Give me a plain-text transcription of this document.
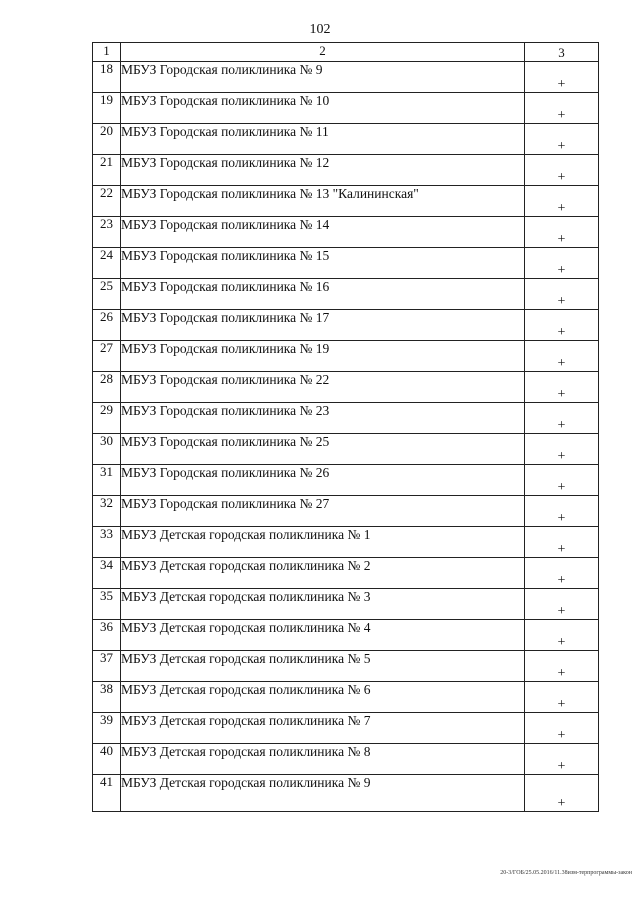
102
1	2	3
18	МБУЗ Городская поликлиника № 9	+
19	МБУЗ Городская поликлиника № 10	+
20	МБУЗ Городская поликлиника № 11	+
21	МБУЗ Городская поликлиника № 12	+
22	МБУЗ Городская поликлиника № 13 "Калининская"	+
23	МБУЗ Городская поликлиника № 14	+
24	МБУЗ Городская поликлиника № 15	+
25	МБУЗ Городская поликлиника № 16	+
26	МБУЗ Городская поликлиника № 17	+
27	МБУЗ Городская поликлиника № 19	+
28	МБУЗ Городская поликлиника № 22	+
29	МБУЗ Городская поликлиника № 23	+
30	МБУЗ Городская поликлиника № 25	+
31	МБУЗ Городская поликлиника № 26	+
32	МБУЗ Городская поликлиника № 27	+
33	МБУЗ Детская городская поликлиника № 1	+
34	МБУЗ Детская городская поликлиника № 2	+
35	МБУЗ Детская городская поликлиника № 3	+
36	МБУЗ Детская городская поликлиника № 4	+
37	МБУЗ Детская городская поликлиника № 5	+
38	МБУЗ Детская городская поликлиника № 6	+
39	МБУЗ Детская городская поликлиника № 7	+
40	МБУЗ Детская городская поликлиника № 8	+
41	МБУЗ Детская городская поликлиника № 9	+
20-3/ГОБ/25.05.2016/11.38изм-терпрограммы-закон
